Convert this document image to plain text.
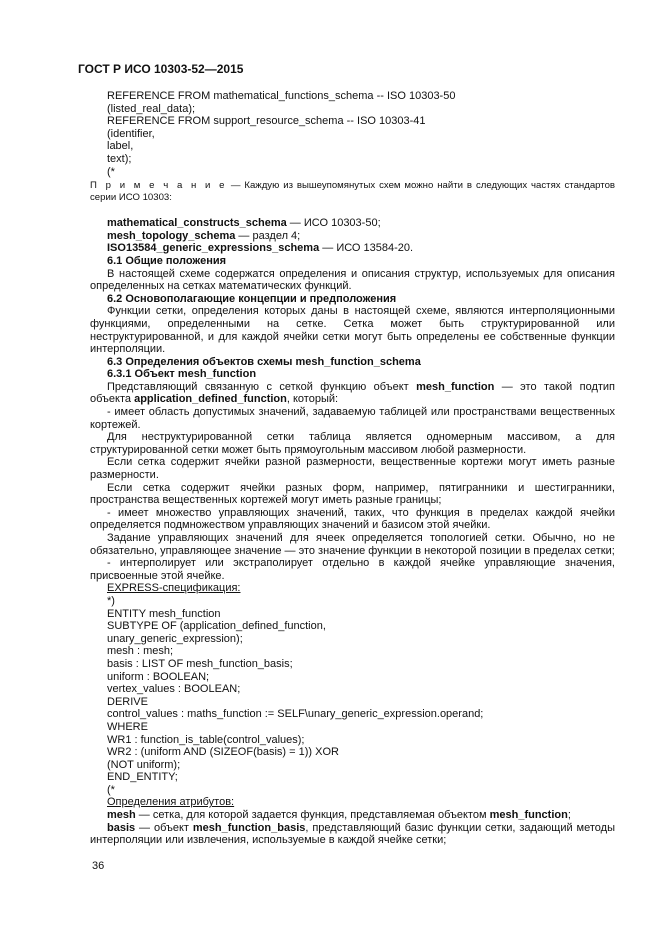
ГОСТ Р ИСО 10303-52—2015

REFERENCE FROM mathematical_functions_schema -- ISO 10303-50

(listed_real_data);

REFERENCE FROM support_resource_schema -- ISO 10303-41

(identifier,

label,

text);

(*

П р и м е ч а н и е — Каждую из вышеупомянутых схем можно найти в следующих частях стандартов серии ИСО 10303:

mathematical_constructs_schema — ИСО 10303-50;

mesh_topology_schema — раздел 4;

ISO13584_generic_expressions_schema — ИСО 13584-20.

6.1 Общие положения

В настоящей схеме содержатся определения и описания структур, используемых для описания определенных на сетках математических функций.

6.2 Основополагающие концепции и предположения

Функции сетки, определения которых даны в настоящей схеме, являются интерполяционными функциями, определенными на сетке. Сетка может быть структурированной или неструктурированной, и для каждой ячейки сетки могут быть определены ее собственные функции интерполяции.

6.3 Определения объектов схемы mesh_function_schema

6.3.1 Объект mesh_function

Представляющий связанную с сеткой функцию объект mesh_function — это такой подтип объекта application_defined_function, который:

- имеет область допустимых значений, задаваемую таблицей или пространствами вещественных кортежей.

Для неструктурированной сетки таблица является одномерным массивом, а для структурированной сетки может быть прямоугольным массивом любой размерности.

Если сетка содержит ячейки разной размерности, вещественные кортежи могут иметь разные размерности.

Если сетка содержит ячейки разных форм, например, пятигранники и шестигранники, пространства вещественных кортежей могут иметь разные границы;

- имеет множество управляющих значений, таких, что функция в пределах каждой ячейки определяется подмножеством управляющих значений и базисом этой ячейки.

Задание управляющих значений для ячеек определяется топологией сетки. Обычно, но не обязательно, управляющее значение — это значение функции в некоторой позиции в пределах сетки;

- интерполирует или экстраполирует отдельно в каждой ячейке управляющие значения, присвоенные этой ячейке.

EXPRESS-спецификация:

*)

ENTITY mesh_function

SUBTYPE OF (application_defined_function,

unary_generic_expression);

mesh : mesh;

basis : LIST OF mesh_function_basis;

uniform : BOOLEAN;

vertex_values : BOOLEAN;

DERIVE

control_values : maths_function := SELF\unary_generic_expression.operand;

WHERE

WR1 : function_is_table(control_values);

WR2 : (uniform AND (SIZEOF(basis) = 1)) XOR

(NOT uniform);

END_ENTITY;

(*

Определения атрибутов:

mesh — сетка, для которой задается функция, представляемая объектом mesh_function;

basis — объект mesh_function_basis, представляющий базис функции сетки, задающий методы интерполяции или извлечения, используемые в каждой ячейке сетки;

36
